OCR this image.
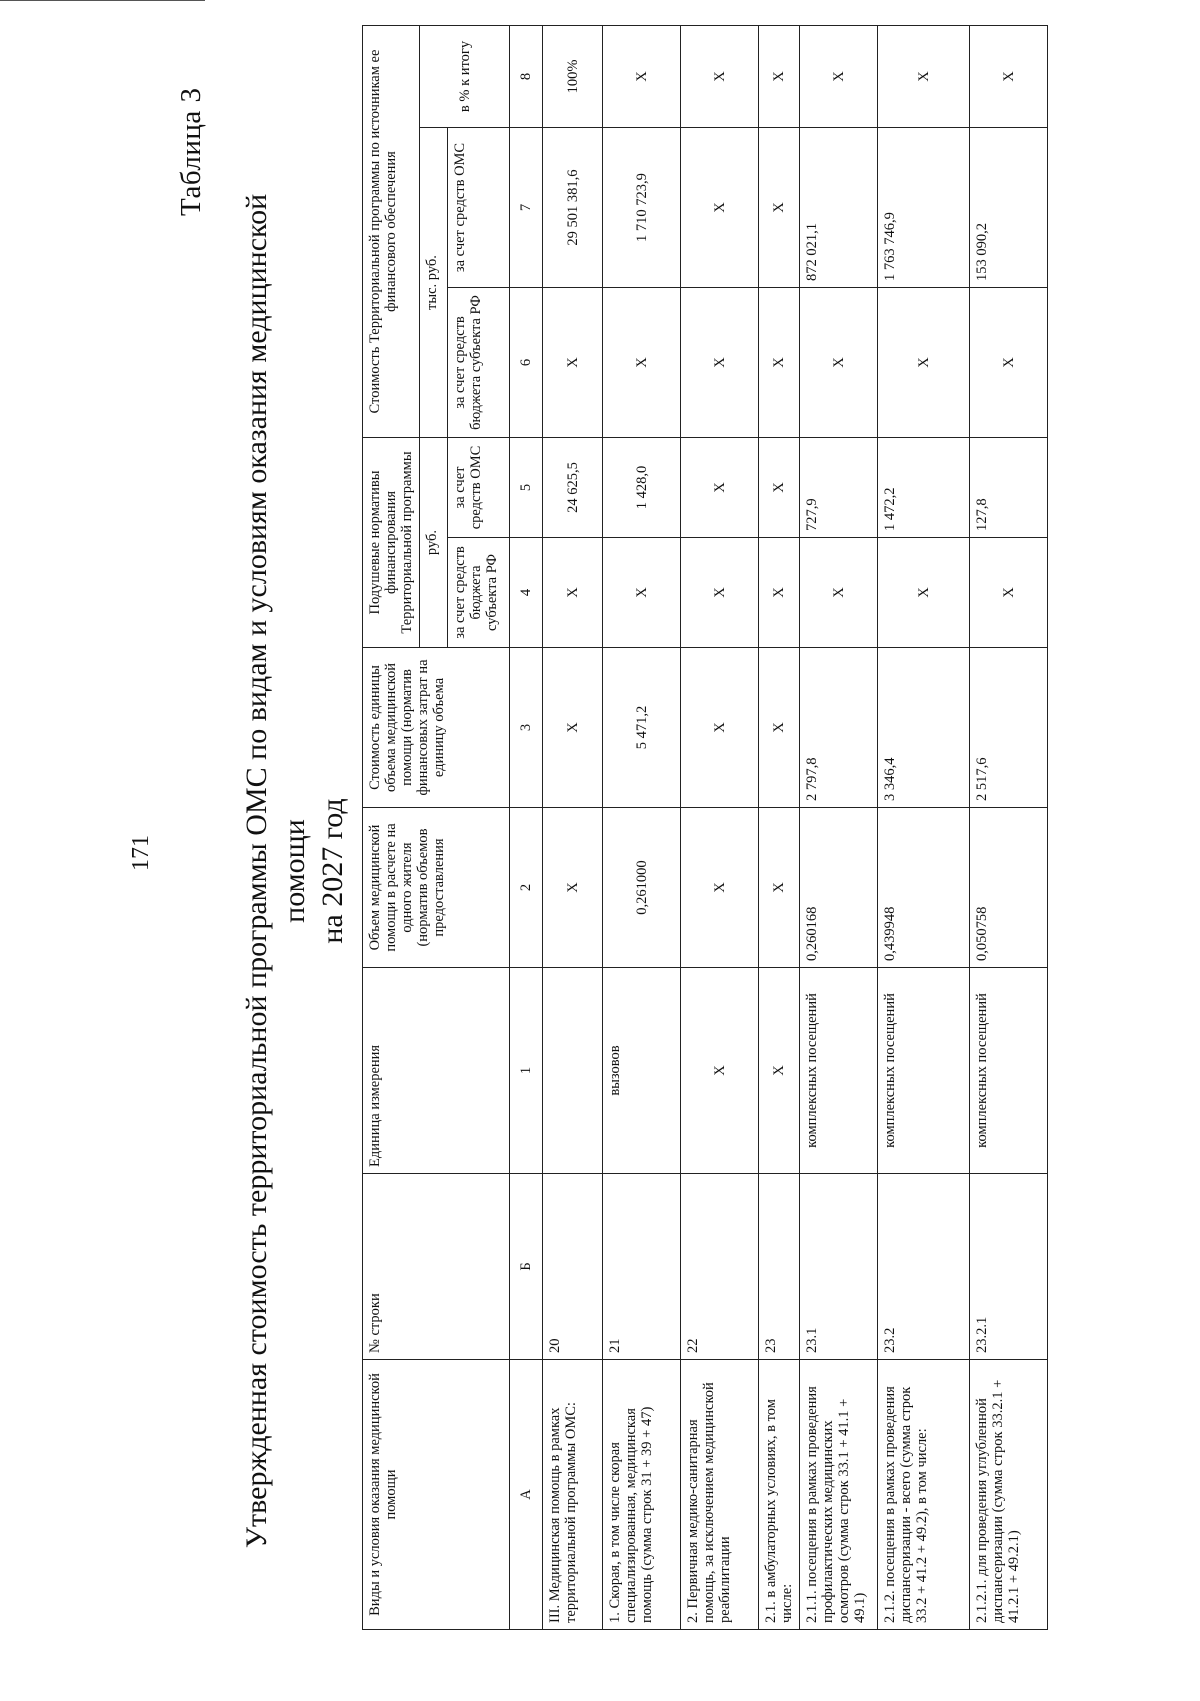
Таблица 3
171	Утвержденная стоимость территориальной программы ОМС по видам и условиям оказания медицинской помощи на 2027 год
Виды и условия оказания медицинской помощи	№ строки	Единица измерения	Объем медицинской помощи в расчете на одного жителя (норматив объемов предоставления	Стоимость единицы объема медицинской помощи (норматив финансовых затрат на единицу объема	Подушевые нормативы финансирования Территориальной программы		Стоимость Территориальной программы по источникам ее финансового обеспечения		
					руб.		тыс. руб.		в % к итогу
					за счет средств бюджета субъекта РФ	за счет средств ОМС	за счет средств бюджета субъекта РФ	за счет средств ОМС	
А	Б	1	2	3	4	5	6	7	8
III. Медицинская помощь в рамках территориальной программы ОМС:	20		Х	Х	Х	24 625,5	Х	29 501 381,6	100%
1. Скорая, в том числе скорая специализированная, медицинская помощь (сумма строк 31 + 39 + 47)	21	вызовов	0,261000	5 471,2	Х	1 428,0	Х	1 710 723,9	Х
2. Первичная медико-санитарная помощь, за исключением медицинской реабилитации	22	Х	Х	Х	Х	Х	Х	Х	Х
2.1. в амбулаторных условиях, в том числе:	23	Х	Х	Х	Х	Х	Х	Х	Х
2.1.1. посещения в рамках проведения профилактических медицинских осмотров (сумма строк 33.1 + 41.1 + 49.1)	23.1	комплексных посещений	0,260168	2 797,8	Х	727,9	Х	872 021,1	Х
2.1.2. посещения в рамках проведения диспансеризации - всего (сумма строк 33.2 + 41.2 + 49.2), в том числе:	23.2	комплексных посещений	0,439948	3 346,4	Х	1 472,2	Х	1 763 746,9	Х
2.1.2.1. для проведения углубленной диспансеризации (сумма строк 33.2.1 + 41.2.1 + 49.2.1)	23.2.1	комплексных посещений	0,050758	2 517,6	Х	127,8	Х	153 090,2	Х
